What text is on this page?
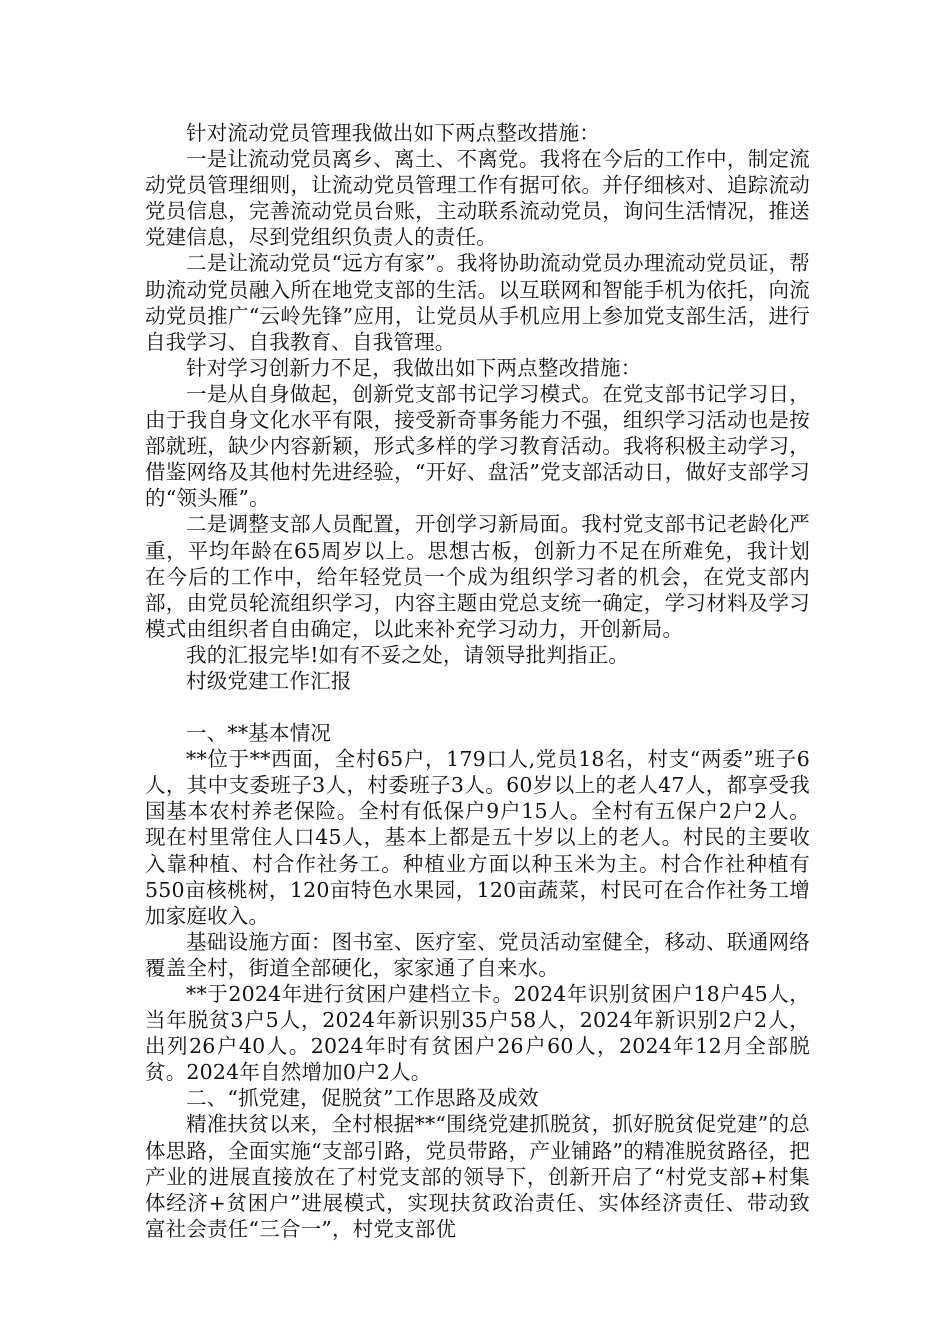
针对流动党员管理我做出如下两点整改措施：

一是让流动党员离乡、离土、不离党。我将在今后的工作中，制定流动党员管理细则，让流动党员管理工作有据可依。并仔细核对、追踪流动党员信息，完善流动党员台账，主动联系流动党员，询问生活情况，推送党建信息，尽到党组织负责人的责任。

二是让流动党员“远方有家”。我将协助流动党员办理流动党员证，帮助流动党员融入所在地党支部的生活。以互联网和智能手机为依托，向流动党员推广“云岭先锋”应用，让党员从手机应用上参加党支部生活，进行自我学习、自我教育、自我管理。

针对学习创新力不足，我做出如下两点整改措施：

一是从自身做起，创新党支部书记学习模式。在党支部书记学习日，由于我自身文化水平有限，接受新奇事务能力不强，组织学习活动也是按部就班，缺少内容新颖，形式多样的学习教育活动。我将积极主动学习，借鉴网络及其他村先进经验，“开好、盘活”党支部活动日，做好支部学习的“领头雁”。

二是调整支部人员配置，开创学习新局面。我村党支部书记老龄化严重，平均年龄在65周岁以上。思想古板，创新力不足在所难免，我计划在今后的工作中，给年轻党员一个成为组织学习者的机会，在党支部内部，由党员轮流组织学习，内容主题由党总支统一确定，学习材料及学习模式由组织者自由确定，以此来补充学习动力，开创新局。

我的汇报完毕!如有不妥之处，请领导批判指正。

村级党建工作汇报

一、**基本情况

**位于**西面，全村65户，179口人,党员18名，村支“两委”班子6人，其中支委班子3人，村委班子3人。60岁以上的老人47人，都享受我国基本农村养老保险。全村有低保户9户15人。全村有五保户2户2人。现在村里常住人口45人，基本上都是五十岁以上的老人。村民的主要收入靠种植、村合作社务工。种植业方面以种玉米为主。村合作社种植有550亩核桃树，120亩特色水果园，120亩蔬菜，村民可在合作社务工增加家庭收入。

基础设施方面：图书室、医疗室、党员活动室健全，移动、联通网络覆盖全村，街道全部硬化，家家通了自来水。

**于2024年进行贫困户建档立卡。2024年识别贫困户18户45人，当年脱贫3户5人，2024年新识别35户58人，2024年新识别2户2人，出列26户40人。2024年时有贫困户26户60人，2024年12月全部脱贫。2024年自然增加0户2人。

二、“抓党建，促脱贫”工作思路及成效

精准扶贫以来，全村根据**“围绕党建抓脱贫，抓好脱贫促党建”的总体思路，全面实施“支部引路，党员带路，产业铺路”的精准脱贫路径，把产业的进展直接放在了村党支部的领导下，创新开启了“村党支部+村集体经济+贫困户”进展模式，实现扶贫政治责任、实体经济责任、带动致富社会责任“三合一”，村党支部优
